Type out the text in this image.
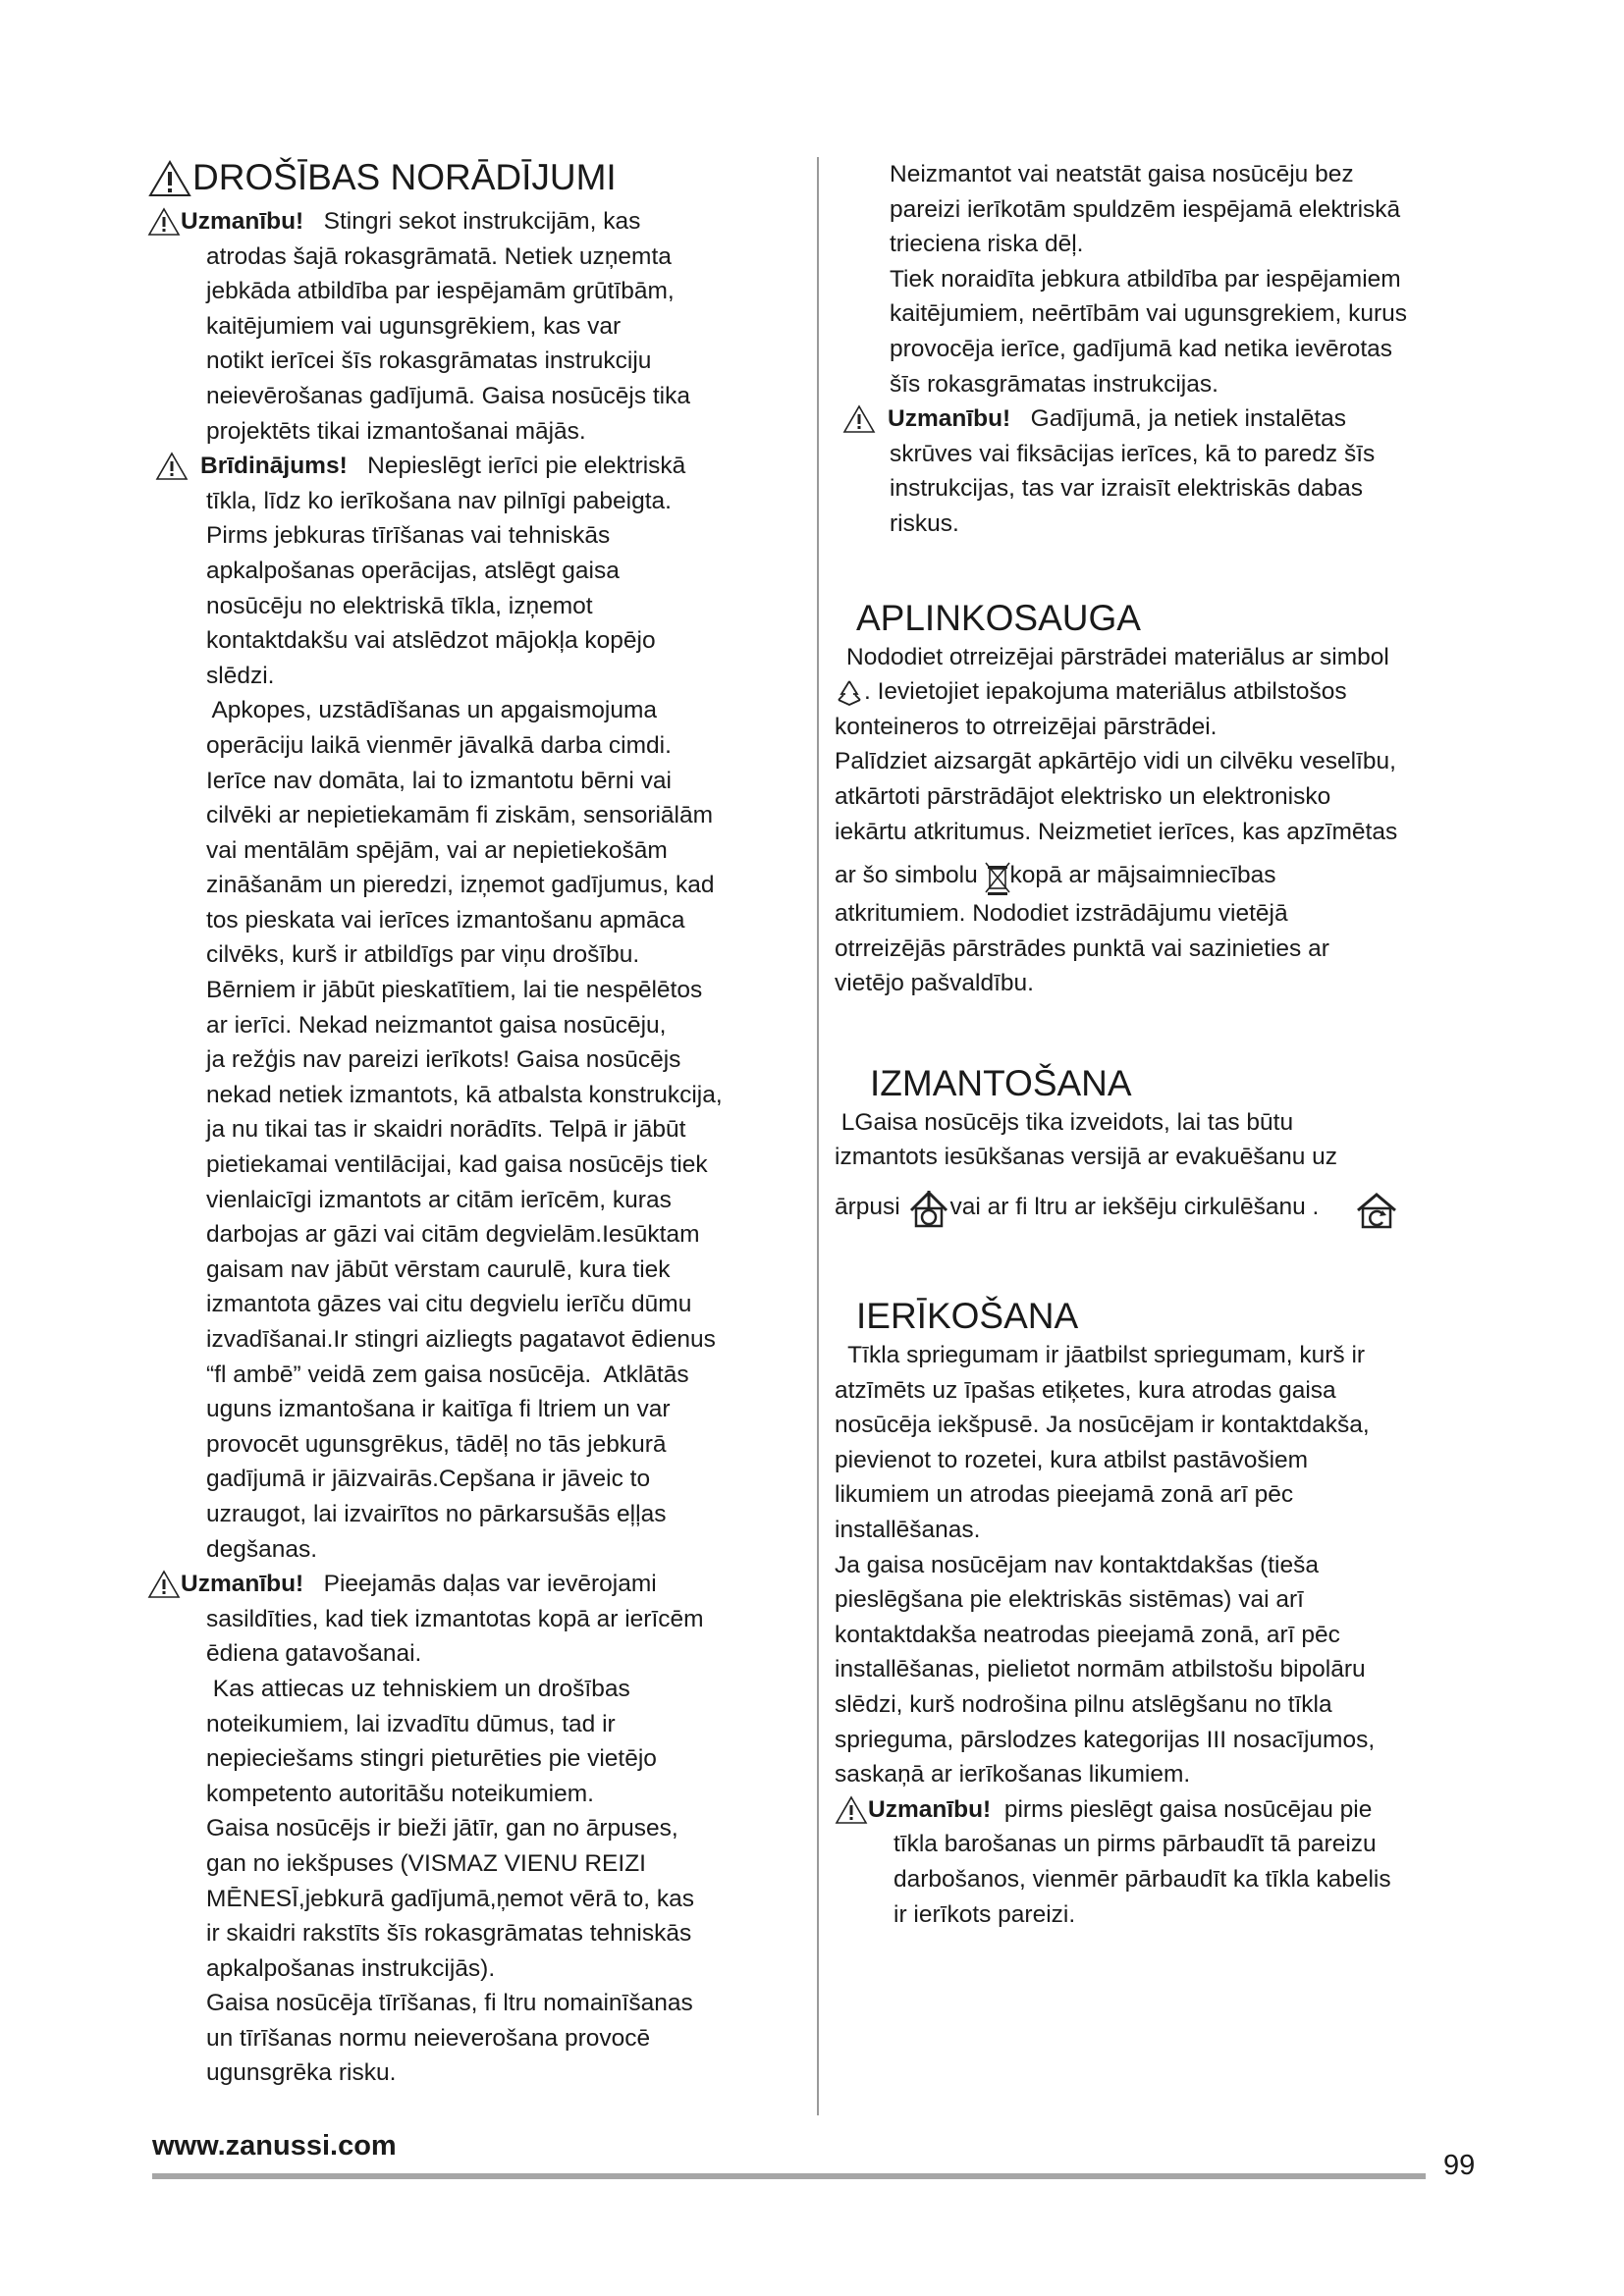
DROŠĪBAS NORĀDĪJUMI

Uzmanību! Stingri sekot instrukcijām, kas

atrodas šajā rokasgrāmatā. Netiek uzņemta

jebkāda atbildība par iespējamām grūtībām,

kaitējumiem vai ugunsgrēkiem, kas var

notikt ierīcei šīs rokasgrāmatas instrukciju

neievērošanas gadījumā. Gaisa nosūcējs tika

projektēts tikai izmantošanai mājās.

Brīdinājums! Nepieslēgt ierīci pie elektriskā

tīkla, līdz ko ierīkošana nav pilnīgi pabeigta.

Pirms jebkuras tīrīšanas vai tehniskās

apkalpošanas operācijas, atslēgt gaisa

nosūcēju no elektriskā tīkla, izņemot

kontaktdakšu vai atslēdzot mājokļa kopējo

slēdzi.

Apkopes, uzstādīšanas un apgaismojuma

operāciju laikā vienmēr jāvalkā darba cimdi.

Ierīce nav domāta, lai to izmantotu bērni vai

cilvēki ar nepietiekamām fi ziskām, sensoriālām

vai mentālām spējām, vai ar nepietiekošām

zināšanām un pieredzi, izņemot gadījumus, kad

tos pieskata vai ierīces izmantošanu apmāca

cilvēks, kurš ir atbildīgs par viņu drošību.

Bērniem ir jābūt pieskatītiem, lai tie nespēlētos

ar ierīci. Nekad neizmantot gaisa nosūcēju,

ja režģis nav pareizi ierīkots! Gaisa nosūcējs

nekad netiek izmantots, kā atbalsta konstrukcija,

ja nu tikai tas ir skaidri norādīts. Telpā ir jābūt

pietiekamai ventilācijai, kad gaisa nosūcējs tiek

vienlaicīgi izmantots ar citām ierīcēm, kuras

darbojas ar gāzi vai citām degvielām.Iesūktam

gaisam nav jābūt vērstam caurulē, kura tiek

izmantota gāzes vai citu degvielu ierīču dūmu

izvadīšanai.Ir stingri aizliegts pagatavot ēdienus

“fl ambē” veidā zem gaisa nosūcēja.  Atklātās

uguns izmantošana ir kaitīga fi ltriem un var

provocēt ugunsgrēkus, tādēļ no tās jebkurā

gadījumā ir jāizvairās.Cepšana ir jāveic to

uzraugot, lai izvairītos no pārkarsušās eļļas

degšanas.

Uzmanību! Pieejamās daļas var ievērojami

sasildīties, kad tiek izmantotas kopā ar ierīcēm

ēdiena gatavošanai.

Kas attiecas uz tehniskiem un drošības

noteikumiem, lai izvadītu dūmus, tad ir

nepieciešams stingri pieturēties pie vietējo

kompetento autoritāšu noteikumiem.

Gaisa nosūcējs ir bieži jātīr, gan no ārpuses,

gan no iekšpuses (VISMAZ VIENU REIZI

MĒNESĪ,jebkurā gadījumā,ņemot vērā to, kas

ir skaidri rakstīts šīs rokasgrāmatas tehniskās

apkalpošanas instrukcijās).

Gaisa nosūcēja tīrīšanas, fi ltru nomainīšanas

un tīrīšanas normu neieverošana provocē

ugunsgrēka risku.

Neizmantot vai neatstāt gaisa nosūcēju bez

pareizi ierīkotām spuldzēm iespējamā elektriskā

trieciena riska dēļ.

Tiek noraidīta jebkura atbildība par iespējamiem

kaitējumiem, neērtībām vai ugunsgrekiem, kurus

provocēja ierīce, gadījumā kad netika ievērotas

šīs rokasgrāmatas instrukcijas.

Uzmanību! Gadījumā, ja netiek instalētas

skrūves vai fiksācijas ierīces, kā to paredz šīs

instrukcijas, tas var izraisīt elektriskās dabas

riskus.

APLINKOSAUGA

Nododiet otrreizējai pārstrādei materiālus ar simbol

. Ievietojiet iepakojuma materiālus atbilstošos

konteineros to otrreizējai pārstrādei.

Palīdziet aizsargāt apkārtējo vidi un cilvēku veselību,

atkārtoti pārstrādājot elektrisko un elektronisko

iekārtu atkritumus. Neizmetiet ierīces, kas apzīmētas

ar šo simbolu kopā ar mājsaimniecības

atkritumiem. Nododiet izstrādājumu vietējā

otrreizējās pārstrādes punktā vai sazinieties ar

vietējo pašvaldību.

IZMANTOŠANA

LGaisa nosūcējs tika izveidots, lai tas būtu

izmantots iesūkšanas versijā ar evakuēšanu uz

ārpusi vai ar fi ltru ar iekšēju cirkulēšanu .

IERĪKOŠANA

Tīkla spriegumam ir jāatbilst spriegumam, kurš ir

atzīmēts uz īpašas etiķetes, kura atrodas gaisa

nosūcēja iekšpusē. Ja nosūcējam ir kontaktdakša,

pievienot to rozetei, kura atbilst pastāvošiem

likumiem un atrodas pieejamā zonā arī pēc

installēšanas.

Ja gaisa nosūcējam nav kontaktdakšas (tieša

pieslēgšana pie elektriskās sistēmas) vai arī

kontaktdakša neatrodas pieejamā zonā, arī pēc

installēšanas, pielietot normām atbilstošu bipolāru

slēdzi, kurš nodrošina pilnu atslēgšanu no tīkla

sprieguma, pārslodzes kategorijas III nosacījumos,

saskaņā ar ierīkošanas likumiem.

Uzmanību! pirms pieslēgt gaisa nosūcējau pie

tīkla barošanas un pirms pārbaudīt tā pareizu

darbošanos, vienmēr pārbaudīt ka tīkla kabelis

ir ierīkots pareizi.

www.zanussi.com
99
